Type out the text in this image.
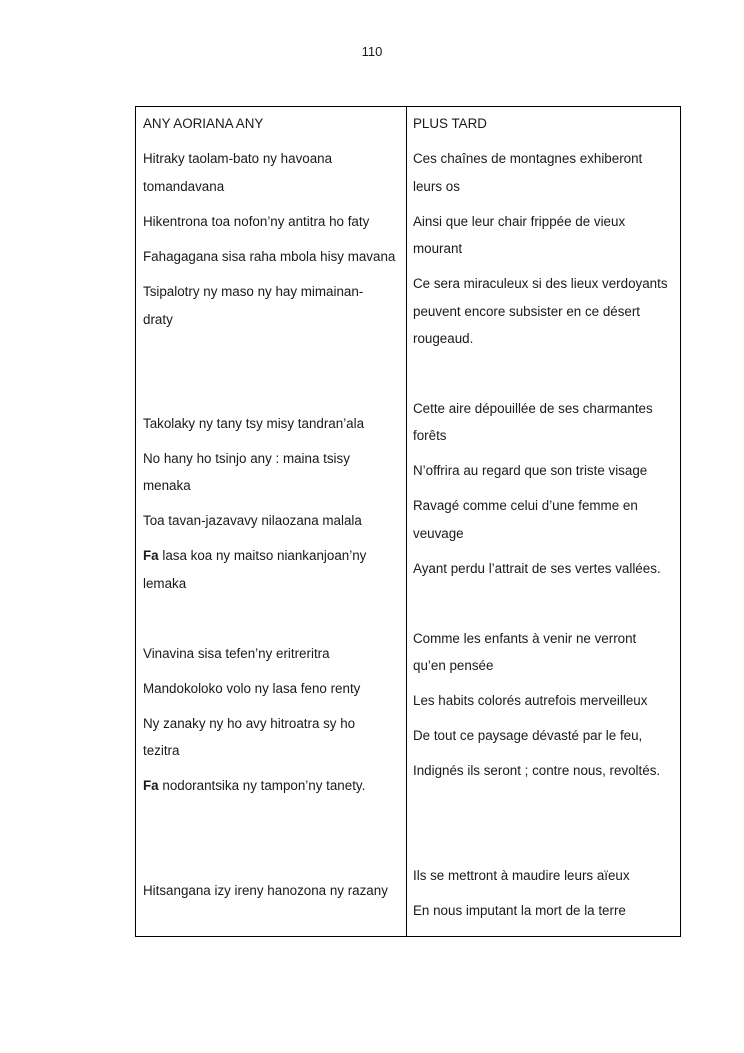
110
ANY AORIANA ANY
Hitraky taolam-bato ny havoana
tomandavana
Hikentrona toa nofon’ny antitra ho faty
Fahagagana sisa raha mbola hisy mavana
Tsipalotry ny maso ny hay mimainan-
draty
Takolaky ny tany tsy misy tandran’ala
No hany ho tsinjo any : maina tsisy
menaka
Toa tavan-jazavavy nilaozana malala
Fa lasa koa ny maitso niankanjoan’ny
lemaka
Vinavina sisa tefen’ny eritreritra
Mandokoloko volo ny lasa feno renty
Ny zanaky ny ho avy hitroatra sy ho
tezitra
Fa nodorantsika ny tampon’ny tanety.
Hitsangana izy ireny hanozona ny razany
PLUS TARD
Ces chaînes de montagnes exhiberont
leurs os
Ainsi que leur chair frippée de vieux
mourant
Ce sera miraculeux si des lieux verdoyants
peuvent encore subsister en ce désert
rougeaud.
Cette aire dépouillée de ses charmantes
forêts
N’offrira au regard que son triste visage
Ravagé comme celui d’une femme en
veuvage
Ayant perdu l’attrait de ses vertes vallées.
Comme les enfants à venir ne verront
qu’en pensée
Les habits colorés autrefois merveilleux
De tout ce paysage dévasté par le feu,
Indignés ils seront ; contre nous, revoltés.
Ils se mettront à maudire leurs aïeux
En nous imputant la mort de la terre
